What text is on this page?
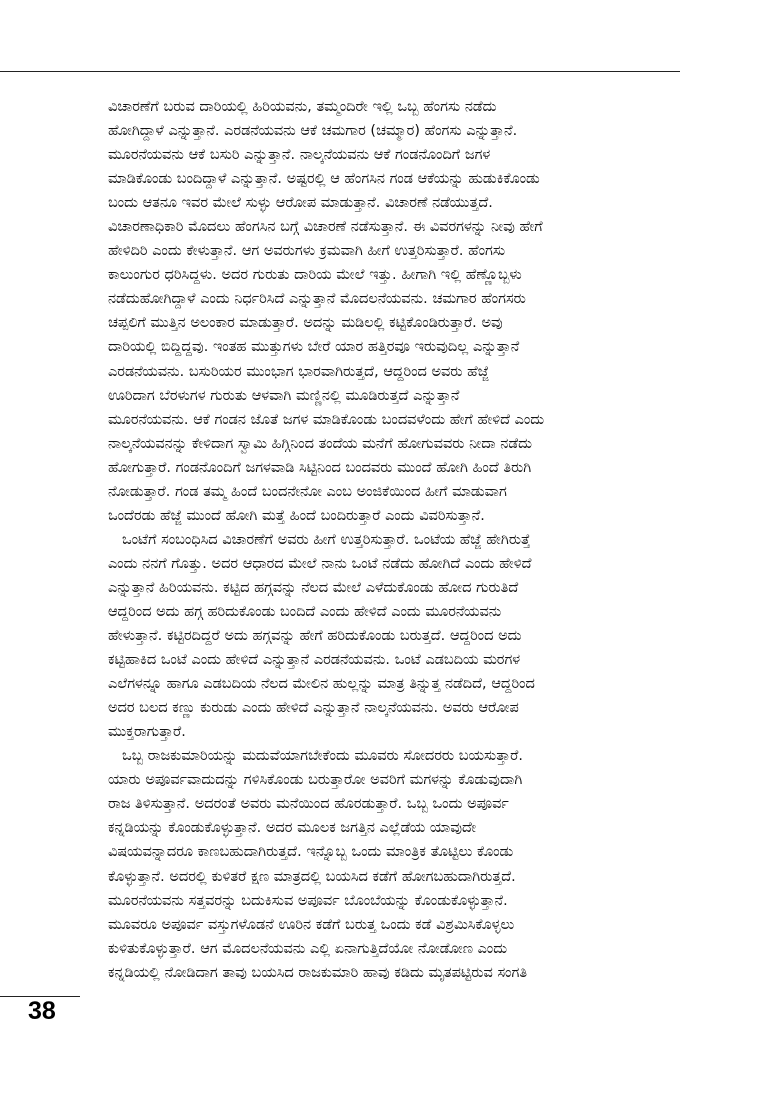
ವಿಚಾರಣೆಗೆ ಬರುವ ದಾರಿಯಲ್ಲಿ ಹಿರಿಯವನು, ತಮ್ಮಂದಿರೇ ಇಲ್ಲಿ ಒಬ್ಬ ಹೆಂಗಸು ನಡೆದು
ಹೋಗಿದ್ದಾಳೆ ಎನ್ನುತ್ತಾನೆ. ಎರಡನೆಯವನು ಆಕೆ ಚಮಗಾರ (ಚಮ್ಮಾರ) ಹೆಂಗಸು ಎನ್ನುತ್ತಾನೆ.
ಮೂರನೆಯವನು ಆಕೆ ಬಸುರಿ ಎನ್ನುತ್ತಾನೆ. ನಾಲ್ಕನೆಯವನು ಆಕೆ ಗಂಡನೊಂದಿಗೆ ಜಗಳ
ಮಾಡಿಕೊಂಡು ಬಂದಿದ್ದಾಳೆ ಎನ್ನುತ್ತಾನೆ. ಅಷ್ಟರಲ್ಲಿ ಆ ಹೆಂಗಸಿನ ಗಂಡ ಆಕೆಯನ್ನು ಹುಡುಕಿಕೊಂಡು
ಬಂದು ಆತನೂ ಇವರ ಮೇಲೆ ಸುಳ್ಳು ಆರೋಪ ಮಾಡುತ್ತಾನೆ. ವಿಚಾರಣೆ ನಡೆಯುತ್ತದೆ.
ವಿಚಾರಣಾಧಿಕಾರಿ ಮೊದಲು ಹೆಂಗಸಿನ ಬಗ್ಗೆ ವಿಚಾರಣೆ ನಡೆಸುತ್ತಾನೆ. ಈ ವಿವರಗಳನ್ನು ನೀವು ಹೇಗೆ
ಹೇಳಿದಿರಿ ಎಂದು ಕೇಳುತ್ತಾನೆ. ಆಗ ಅವರುಗಳು ಕ್ರಮವಾಗಿ ಹೀಗೆ ಉತ್ತರಿಸುತ್ತಾರೆ. ಹೆಂಗಸು
ಕಾಲುಂಗುರ ಧರಿಸಿದ್ದಳು. ಅದರ ಗುರುತು ದಾರಿಯ ಮೇಲೆ ಇತ್ತು. ಹೀಗಾಗಿ ಇಲ್ಲಿ ಹೆಣ್ಣೊಬ್ಬಳು
ನಡೆದುಹೋಗಿದ್ದಾಳೆ ಎಂದು ನಿರ್ಧರಿಸಿದೆ ಎನ್ನುತ್ತಾನೆ ಮೊದಲನೆಯವನು. ಚಮಗಾರ ಹೆಂಗಸರು
ಚಪ್ಪಲಿಗೆ ಮುತ್ತಿನ ಅಲಂಕಾರ ಮಾಡುತ್ತಾರೆ. ಅದನ್ನು ಮಡಿಲಲ್ಲಿ ಕಟ್ಟಿಕೊಂಡಿರುತ್ತಾರೆ. ಅವು
ದಾರಿಯಲ್ಲಿ ಬಿದ್ದಿದ್ದವು. ಇಂತಹ ಮುತ್ತುಗಳು ಬೇರೆ ಯಾರ ಹತ್ತಿರವೂ ಇರುವುದಿಲ್ಲ ಎನ್ನುತ್ತಾನೆ
ಎರಡನೆಯವನು. ಬಸುರಿಯರ ಮುಂಭಾಗ ಭಾರವಾಗಿರುತ್ತದೆ, ಆದ್ದರಿಂದ ಅವರು ಹೆಜ್ಜೆ
ಊರಿದಾಗ ಬೆರಳುಗಳ ಗುರುತು ಆಳವಾಗಿ ಮಣ್ಣಿನಲ್ಲಿ ಮೂಡಿರುತ್ತದೆ ಎನ್ನುತ್ತಾನೆ
ಮೂರನೆಯವನು. ಆಕೆ ಗಂಡನ ಜೊತೆ ಜಗಳ ಮಾಡಿಕೊಂಡು ಬಂದವಳೆಂದು ಹೇಗೆ ಹೇಳಿದೆ ಎಂದು
ನಾಲ್ಕನೆಯವನನ್ನು ಕೇಳಿದಾಗ ಸ್ವಾಮಿ ಹಿಗ್ಗಿನಿಂದ ತಂದೆಯ ಮನೆಗೆ ಹೋಗುವವರು ನೀದಾ ನಡೆದು
ಹೋಗುತ್ತಾರೆ. ಗಂಡನೊಂದಿಗೆ ಜಗಳವಾಡಿ ಸಿಟ್ಟಿನಿಂದ ಬಂದವರು ಮುಂದೆ ಹೋಗಿ ಹಿಂದೆ ತಿರುಗಿ
ನೋಡುತ್ತಾರೆ. ಗಂಡ ತಮ್ಮ ಹಿಂದೆ ಬಂದನೇನೋ ಎಂಬ ಅಂಜಿಕೆಯಿಂದ ಹೀಗೆ ಮಾಡುವಾಗ
ಒಂದೆರಡು ಹೆಜ್ಜೆ ಮುಂದೆ ಹೋಗಿ ಮತ್ತೆ ಹಿಂದೆ ಬಂದಿರುತ್ತಾರೆ ಎಂದು ವಿವರಿಸುತ್ತಾನೆ.
ಒಂಟೆಗೆ ಸಂಬಂಧಿಸಿದ ವಿಚಾರಣೆಗೆ ಅವರು ಹೀಗೆ ಉತ್ತರಿಸುತ್ತಾರೆ. ಒಂಟೆಯ ಹೆಜ್ಜೆ ಹೇಗಿರುತ್ತೆ
ಎಂದು ನನಗೆ ಗೊತ್ತು. ಅದರ ಆಧಾರದ ಮೇಲೆ ನಾನು ಒಂಟೆ ನಡೆದು ಹೋಗಿದೆ ಎಂದು ಹೇಳಿದೆ
ಎನ್ನುತ್ತಾನೆ ಹಿರಿಯವನು. ಕಟ್ಟಿದ ಹಗ್ಗವನ್ನು ನೆಲದ ಮೇಲೆ ಎಳೆದುಕೊಂಡು ಹೋದ ಗುರುತಿದೆ
ಆದ್ದರಿಂದ ಅದು ಹಗ್ಗ ಹರಿದುಕೊಂಡು ಬಂದಿದೆ ಎಂದು ಹೇಳಿದೆ ಎಂದು ಮೂರನೆಯವನು
ಹೇಳುತ್ತಾನೆ. ಕಟ್ಟಿರದಿದ್ದರೆ ಅದು ಹಗ್ಗವನ್ನು ಹೇಗೆ ಹರಿದುಕೊಂಡು ಬರುತ್ತದೆ. ಆದ್ದರಿಂದ ಅದು
ಕಟ್ಟಿಹಾಕಿದ ಒಂಟೆ ಎಂದು ಹೇಳಿದೆ ಎನ್ನುತ್ತಾನೆ ಎರಡನೆಯವನು. ಒಂಟೆ ಎಡಬದಿಯ ಮರಗಳ
ಎಲೆಗಳನ್ನೂ ಹಾಗೂ ಎಡಬದಿಯ ನೆಲದ ಮೇಲಿನ ಹುಲ್ಲನ್ನು ಮಾತ್ರ ತಿನ್ನುತ್ತ ನಡೆದಿದೆ, ಆದ್ದರಿಂದ
ಅದರ ಬಲದ ಕಣ್ಣು ಕುರುಡು ಎಂದು ಹೇಳಿದೆ ಎನ್ನುತ್ತಾನೆ ನಾಲ್ಕನೆಯವನು. ಅವರು ಆರೋಪ
ಮುಕ್ತರಾಗುತ್ತಾರೆ.
ಒಬ್ಬ ರಾಜಕುಮಾರಿಯನ್ನು ಮದುವೆಯಾಗಬೇಕೆಂದು ಮೂವರು ಸೋದರರು ಬಯಸುತ್ತಾರೆ.
ಯಾರು ಅಪೂರ್ವವಾದುದನ್ನು ಗಳಿಸಿಕೊಂಡು ಬರುತ್ತಾರೋ ಅವರಿಗೆ ಮಗಳನ್ನು ಕೊಡುವುದಾಗಿ
ರಾಜ ತಿಳಿಸುತ್ತಾನೆ. ಅದರಂತೆ ಅವರು ಮನೆಯಿಂದ ಹೊರಡುತ್ತಾರೆ. ಒಬ್ಬ ಒಂದು ಅಪೂರ್ವ
ಕನ್ನಡಿಯನ್ನು ಕೊಂಡುಕೊಳ್ಳುತ್ತಾನೆ. ಅದರ ಮೂಲಕ ಜಗತ್ತಿನ ಎಲ್ಲೆಡೆಯ ಯಾವುದೇ
ವಿಷಯವನ್ನಾದರೂ ಕಾಣಬಹುದಾಗಿರುತ್ತದೆ. ಇನ್ನೊಬ್ಬ ಒಂದು ಮಾಂತ್ರಿಕ ತೊಟ್ಟಿಲು ಕೊಂಡು
ಕೊಳ್ಳುತ್ತಾನೆ. ಅದರಲ್ಲಿ ಕುಳಿತರೆ ಕ್ಷಣ ಮಾತ್ರದಲ್ಲಿ ಬಯಸಿದ ಕಡೆಗೆ ಹೋಗಬಹುದಾಗಿರುತ್ತದೆ.
ಮೂರನೆಯವನು ಸತ್ತವರನ್ನು ಬದುಕಿಸುವ ಅಪೂರ್ವ ಬೊಂಬೆಯನ್ನು ಕೊಂಡುಕೊಳ್ಳುತ್ತಾನೆ.
ಮೂವರೂ ಅಪೂರ್ವ ವಸ್ತುಗಳೊಡನೆ ಊರಿನ ಕಡೆಗೆ ಬರುತ್ತ ಒಂದು ಕಡೆ ವಿಶ್ರಮಿಸಿಕೊಳ್ಳಲು
ಕುಳಿತುಕೊಳ್ಳುತ್ತಾರೆ. ಆಗ ಮೊದಲನೆಯವನು ಎಲ್ಲಿ ಏನಾಗುತ್ತಿದೆಯೋ ನೋಡೋಣ ಎಂದು
ಕನ್ನಡಿಯಲ್ಲಿ ನೋಡಿದಾಗ ತಾವು ಬಯಸಿದ ರಾಜಕುಮಾರಿ ಹಾವು ಕಡಿದು ಮೃತಪಟ್ಟಿರುವ ಸಂಗತಿ
38
